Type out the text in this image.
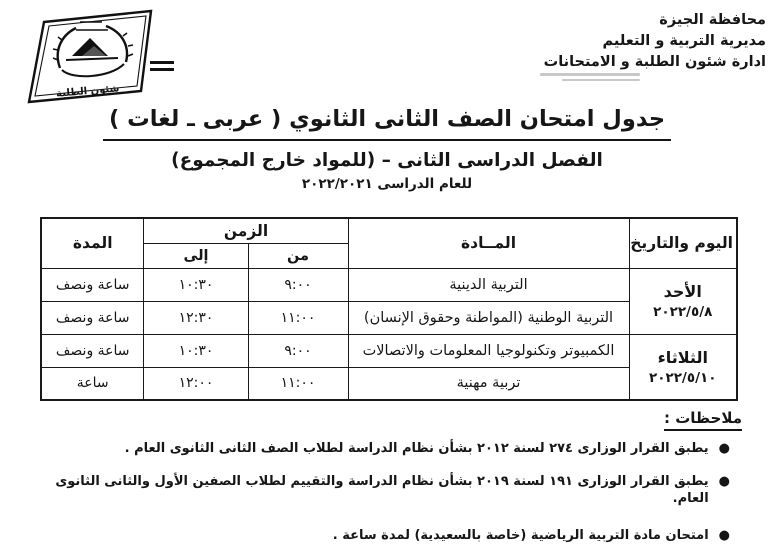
محافظة الجيزة
مديرية التربية و التعليم
ادارة شئون الطلبة و الامتحانات
شئون الطلبة
جدول امتحان الصف الثانى الثانوي ( عربى ـ لغات )
الفصل الدراسى الثانى – (للمواد خارج المجموع)
للعام الدراسى ٢٠٢٢/٢٠٢١
اليوم والتاريخ	المــادة	الزمن		المدة
		من	إلى	

الأحد
٢٠٢٢/٥/٨	التربية الدينية	٩:٠٠	١٠:٣٠	ساعة ونصف
	التربية الوطنية (المواطنة وحقوق الإنسان)	١١:٠٠	١٢:٣٠	ساعة ونصف

الثلاثاء
٢٠٢٢/٥/١٠	الكمبيوتر وتكنولوجيا المعلومات والاتصالات	٩:٠٠	١٠:٣٠	ساعة ونصف
	تربية مهنية	١١:٠٠	١٢:٠٠	ساعة
ملاحظات :
●
يطبق القرار الوزارى ٢٧٤ لسنة ٢٠١٢ بشأن نظام الدراسة لطلاب الصف الثانى الثانوى العام .
●
يطبق القرار الوزارى ١٩١ لسنة ٢٠١٩ بشأن نظام الدراسة والتقييم لطلاب الصفين الأول والثانى الثانوى العام.
●
امتحان مادة التربية الرياضية (خاصة بالسعيدية) لمدة ساعة .
